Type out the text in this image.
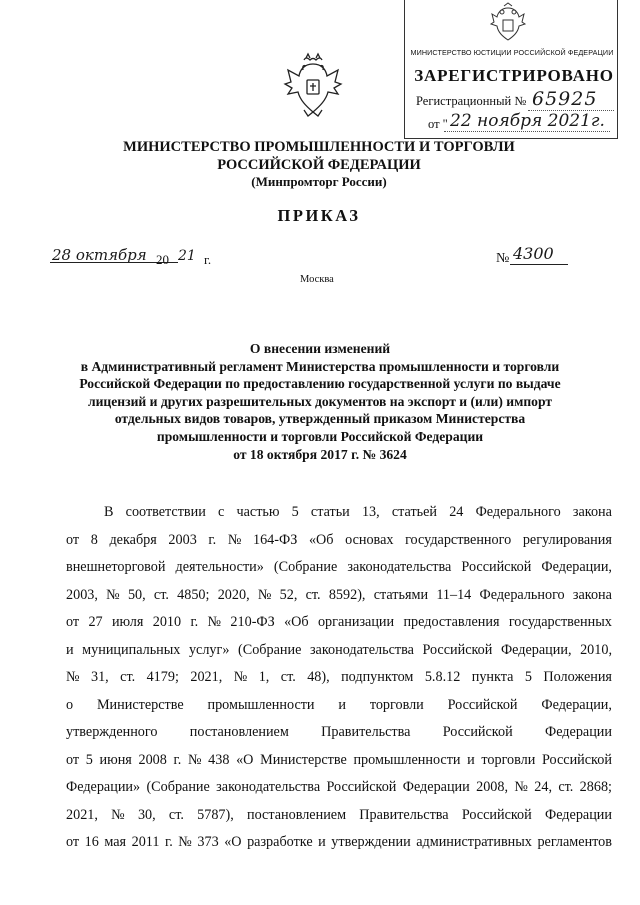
МИНИСТЕРСТВО ЮСТИЦИИ РОССИЙСКОЙ ФЕДЕРАЦИИ
ЗАРЕГИСТРИРОВАНО
Регистрационный № 65925
от " 22 ноября 2021г.
МИНИСТЕРСТВО ПРОМЫШЛЕННОСТИ И ТОРГОВЛИ
РОССИЙСКОЙ ФЕДЕРАЦИИ
(Минпромторг России)
ПРИКАЗ
28 октября 20 21 г.	№ 4300
Москва
О внесении изменений
в Административный регламент Министерства промышленности и торговли
Российской Федерации по предоставлению государственной услуги по выдаче
лицензий и других разрешительных документов на экспорт и (или) импорт
отдельных видов товаров, утвержденный приказом Министерства
промышленности и торговли Российской Федерации
от 18 октября 2017 г. № 3624
В соответствии с частью 5 статьи 13, статьей 24 Федерального закона
от 8 декабря 2003 г. № 164-ФЗ «Об основах государственного регулирования
внешнеторговой деятельности» (Собрание законодательства Российской Федерации,
2003, № 50, ст. 4850; 2020, № 52, ст. 8592), статьями 11–14 Федерального закона
от 27 июля 2010 г. № 210-ФЗ «Об организации предоставления государственных
и муниципальных услуг» (Собрание законодательства Российской Федерации, 2010,
№ 31, ст. 4179; 2021, № 1, ст. 48), подпунктом 5.8.12 пункта 5 Положения
о Министерстве промышленности и торговли Российской Федерации,
утвержденного постановлением Правительства Российской Федерации
от 5 июня 2008 г. № 438 «О Министерстве промышленности и торговли Российской
Федерации» (Собрание законодательства Российской Федерации 2008, № 24, ст. 2868;
2021, № 30, ст. 5787), постановлением Правительства Российской Федерации
от 16 мая 2011 г. № 373 «О разработке и утверждении административных регламентов
